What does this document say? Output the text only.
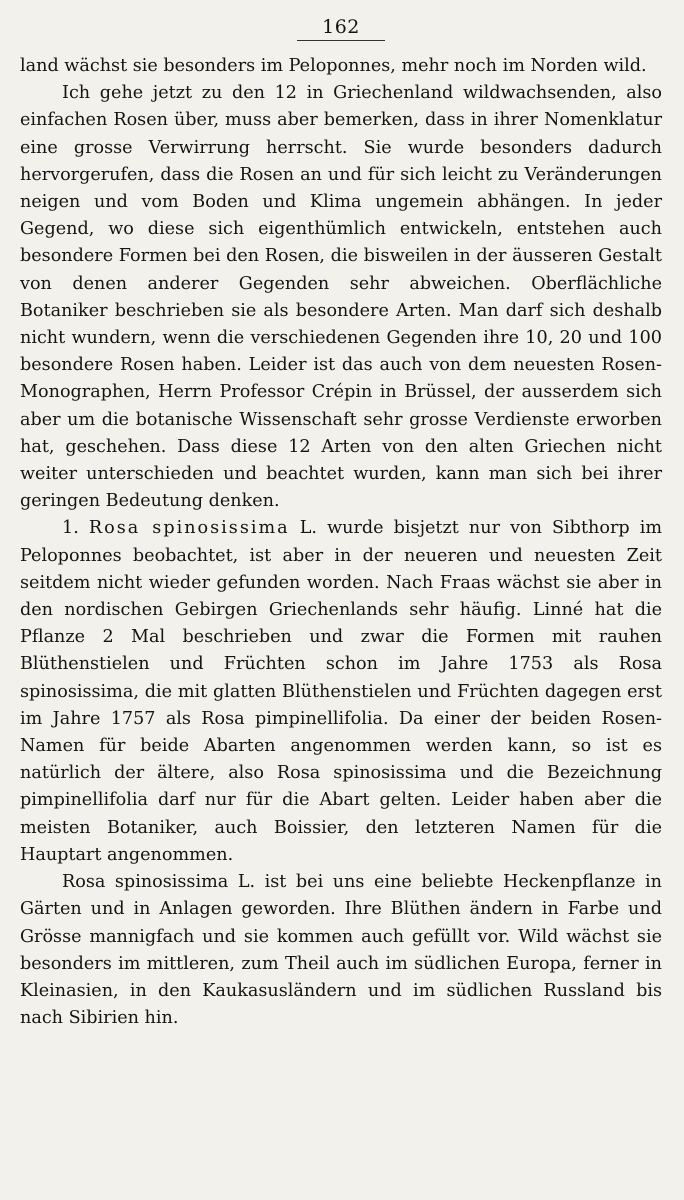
162

land wächst sie besonders im Peloponnes, mehr noch im Norden wild.

Ich gehe jetzt zu den 12 in Griechenland wildwachsenden, also einfachen Rosen über, muss aber bemerken, dass in ihrer Nomenklatur eine grosse Verwirrung herrscht. Sie wurde besonders dadurch hervorgerufen, dass die Rosen an und für sich leicht zu Veränderungen neigen und vom Boden und Klima ungemein abhängen. In jeder Gegend, wo diese sich eigenthümlich entwickeln, entstehen auch besondere Formen bei den Rosen, die bisweilen in der äusseren Gestalt von denen anderer Gegenden sehr abweichen. Oberflächliche Botaniker beschrieben sie als besondere Arten. Man darf sich deshalb nicht wundern, wenn die verschiedenen Gegenden ihre 10, 20 und 100 besondere Rosen haben. Leider ist das auch von dem neuesten Rosen-Monographen, Herrn Professor Crépin in Brüssel, der ausserdem sich aber um die botanische Wissenschaft sehr grosse Verdienste erworben hat, geschehen. Dass diese 12 Arten von den alten Griechen nicht weiter unterschieden und beachtet wurden, kann man sich bei ihrer geringen Bedeutung denken.

1. Rosa spinosissima L. wurde bisjetzt nur von Sibthorp im Peloponnes beobachtet, ist aber in der neueren und neuesten Zeit seitdem nicht wieder gefunden worden. Nach Fraas wächst sie aber in den nordischen Gebirgen Griechenlands sehr häufig. Linné hat die Pflanze 2 Mal beschrieben und zwar die Formen mit rauhen Blüthenstielen und Früchten schon im Jahre 1753 als Rosa spinosissima, die mit glatten Blüthenstielen und Früchten dagegen erst im Jahre 1757 als Rosa pimpinellifolia. Da einer der beiden Rosen-Namen für beide Abarten angenommen werden kann, so ist es natürlich der ältere, also Rosa spinosissima und die Bezeichnung pimpinellifolia darf nur für die Abart gelten. Leider haben aber die meisten Botaniker, auch Boissier, den letzteren Namen für die Hauptart angenommen.

Rosa spinosissima L. ist bei uns eine beliebte Heckenpflanze in Gärten und in Anlagen geworden. Ihre Blüthen ändern in Farbe und Grösse mannigfach und sie kommen auch gefüllt vor. Wild wächst sie besonders im mittleren, zum Theil auch im südlichen Europa, ferner in Kleinasien, in den Kaukasusländern und im südlichen Russland bis nach Sibirien hin.
